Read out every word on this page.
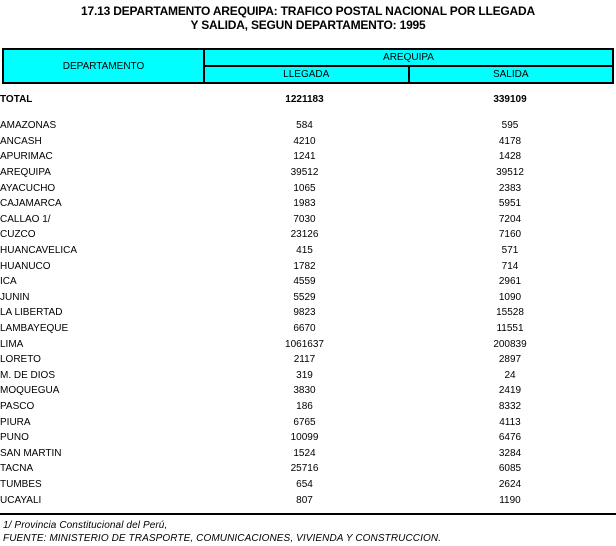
17.13 DEPARTAMENTO AREQUIPA: TRAFICO POSTAL NACIONAL POR LLEGADA
Y SALIDA, SEGUN DEPARTAMENTO: 1995
DEPARTAMENTO	AREQUIPA	
	LLEGADA	SALIDA
TOTAL	1221183	339109

AMAZONAS	584	595
ANCASH	4210	4178
APURIMAC	1241	1428
AREQUIPA	39512	39512
AYACUCHO	1065	2383
CAJAMARCA	1983	5951
CALLAO 1/	7030	7204
CUZCO	23126	7160
HUANCAVELICA	415	571
HUANUCO	1782	714
ICA	4559	2961
JUNIN	5529	1090
LA LIBERTAD	9823	15528
LAMBAYEQUE	6670	11551
LIMA	1061637	200839
LORETO	2117	2897
M. DE DIOS	319	24
MOQUEGUA	3830	2419
PASCO	186	8332
PIURA	6765	4113
PUNO	10099	6476
SAN MARTIN	1524	3284
TACNA	25716	6085
TUMBES	654	2624
UCAYALI	807	1190
1/ Provincia Constitucional del Perú,
FUENTE: MINISTERIO DE TRASPORTE, COMUNICACIONES, VIVIENDA Y CONSTRUCCION.
